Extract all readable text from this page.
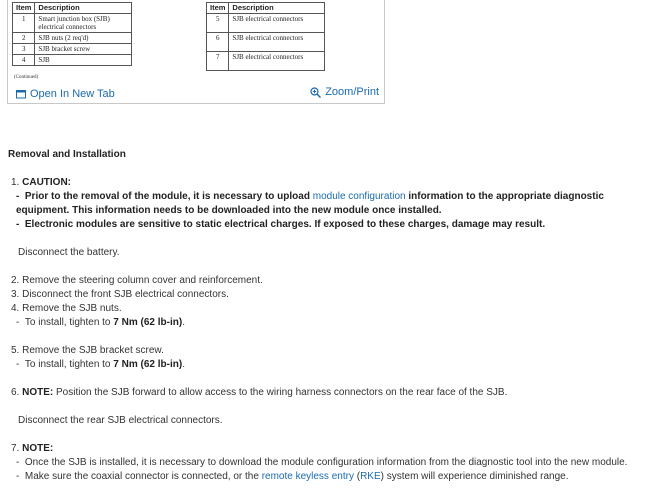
Item	Description
1	Smart junction box (SJB) electrical connectors
2	SJB nuts (2 req'd)
3	SJB bracket screw
4	SJB
(Continued)
Item	Description
5	SJB electrical connectors
6	SJB electrical connectors
7	SJB electrical connectors
Open In New Tab	Zoom/Print

Removal and Installation

1. CAUTION:

-  Prior to the removal of the module, it is necessary to upload module configuration information to the appropriate diagnostic equipment. This information needs to be downloaded into the new module once installed.

-  Electronic modules are sensitive to static electrical charges. If exposed to these charges, damage may result.

Disconnect the battery.

2. Remove the steering column cover and reinforcement.

3. Disconnect the front SJB electrical connectors.

4. Remove the SJB nuts.

-  To install, tighten to 7 Nm (62 lb-in).

5. Remove the SJB bracket screw.

-  To install, tighten to 7 Nm (62 lb-in).

6. NOTE: Position the SJB forward to allow access to the wiring harness connectors on the rear face of the SJB.

Disconnect the rear SJB electrical connectors.

7. NOTE:

-  Once the SJB is installed, it is necessary to download the module configuration information from the diagnostic tool into the new module.

-  Make sure the coaxial connector is connected, or the remote keyless entry (RKE) system will experience diminished range.
